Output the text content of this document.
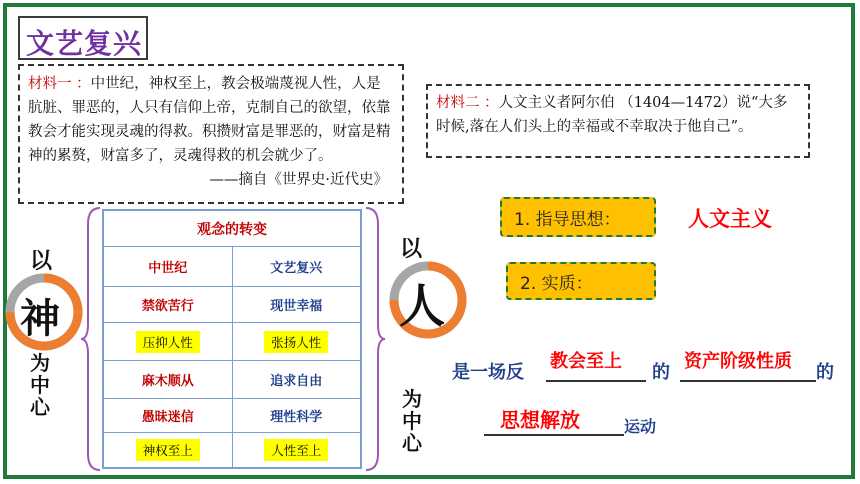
文艺复兴
材料一 ：中世纪，神权至上，教会极端蔑视人性，人是肮脏、罪恶的，人只有信仰上帝，克制自己的欲望，依靠教会才能实现灵魂的得救。积攒财富是罪恶的，财富是精神的累赘，财富多了，灵魂得救的机会就少了。
——摘自《世界史·近代史》
材料二 ：人文主义者阿尔伯 （1404—1472）说“大多时候,落在人们头上的幸福或不幸取决于他自己”。
以
神
为
中
心
观念的转变
中世纪	文艺复兴
禁欲苦行	现世幸福
压抑人性	张扬人性
麻木顺从	追求自由
愚昧迷信	理性科学
神权至上	人性至上
以
人
为
中
心
1. 指导思想：	人文主义
2. 实质：
是一场反
教会至上
的
资产阶级性质
的
思想解放	运动
